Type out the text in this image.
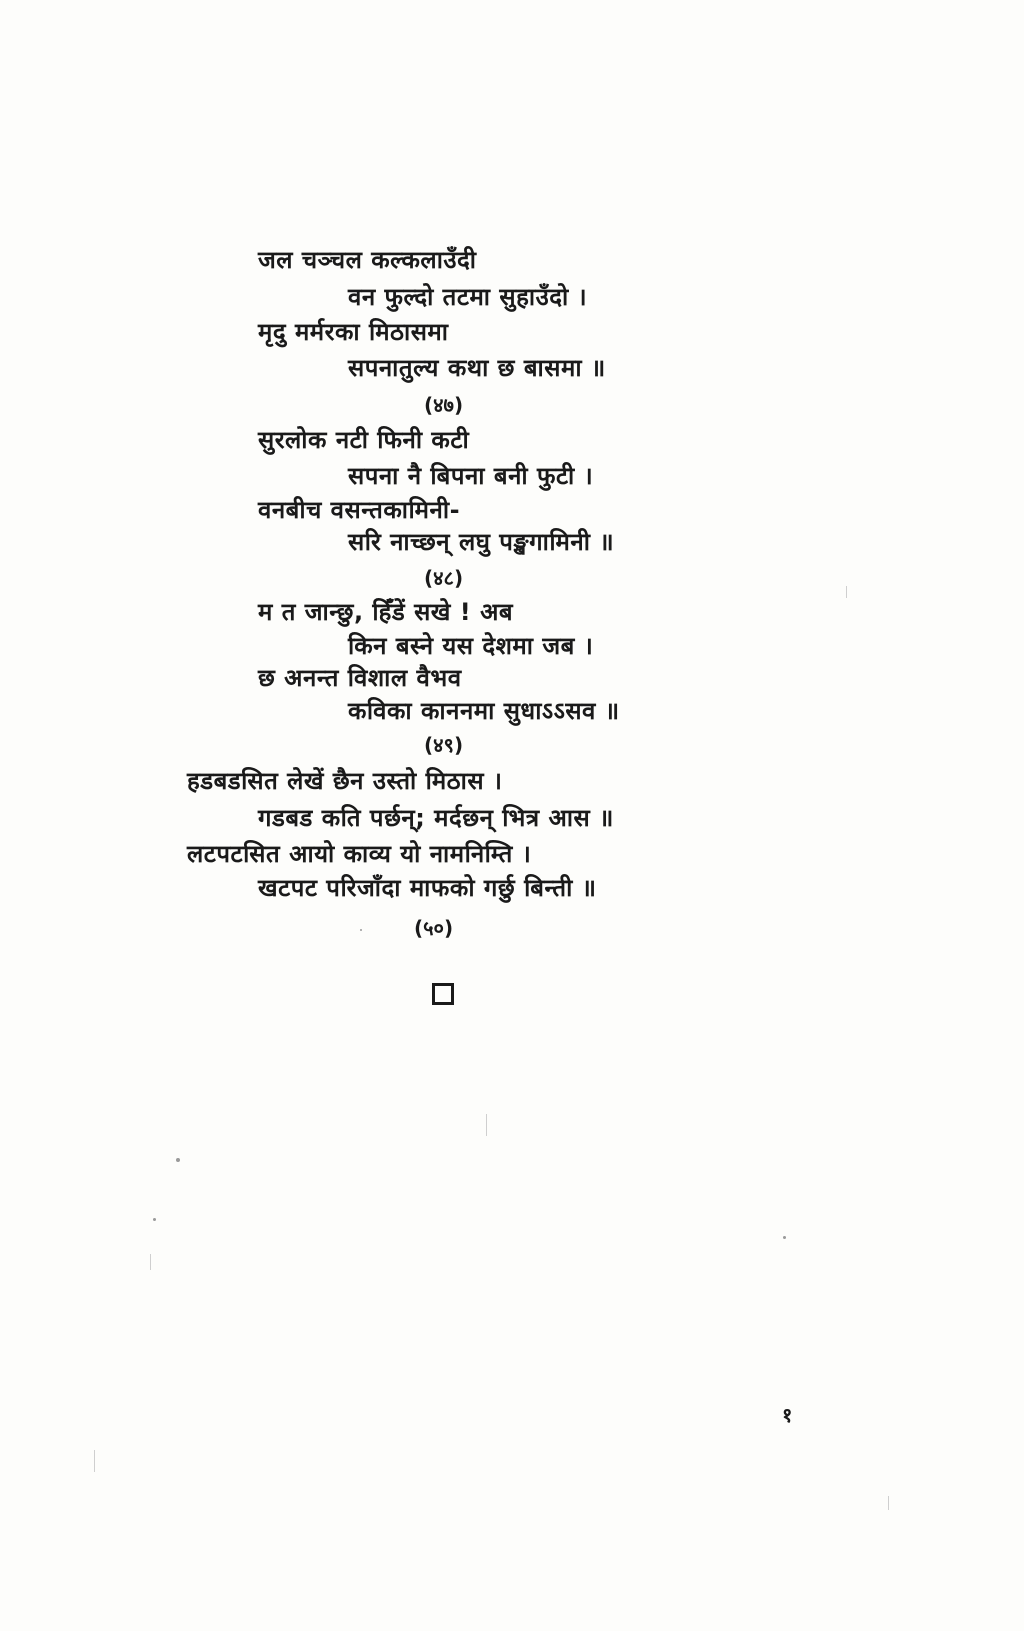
जल चञ्चल कल्कलाउँदी
वन फुल्दो तटमा सुहाउँदो ।
मृदु मर्मरका मिठासमा
सपनातुल्य कथा छ बासमा ॥
(४७)
सुरलोक नटी फिनी कटी
सपना नै बिपना बनी फुटी ।
वनबीच वसन्तकामिनी-
सरि नाच्छन् लघु पङ्खगामिनी ॥
(४८)
म त जान्छु, हिँडें सखे ! अब
किन बस्ने यस देशमा जब ।
छ अनन्त विशाल वैभव
कविका काननमा सुधाऽऽसव ॥
(४९)
हडबडसित लेखें छैन उस्तो मिठास ।
गडबड कति पर्छन्; मर्दछन् भित्र आस ॥
लटपटसित आयो काव्य यो नामनिम्ति ।
खटपट परिजाँदा माफको गर्छु बिन्ती ॥
(५०)
१
